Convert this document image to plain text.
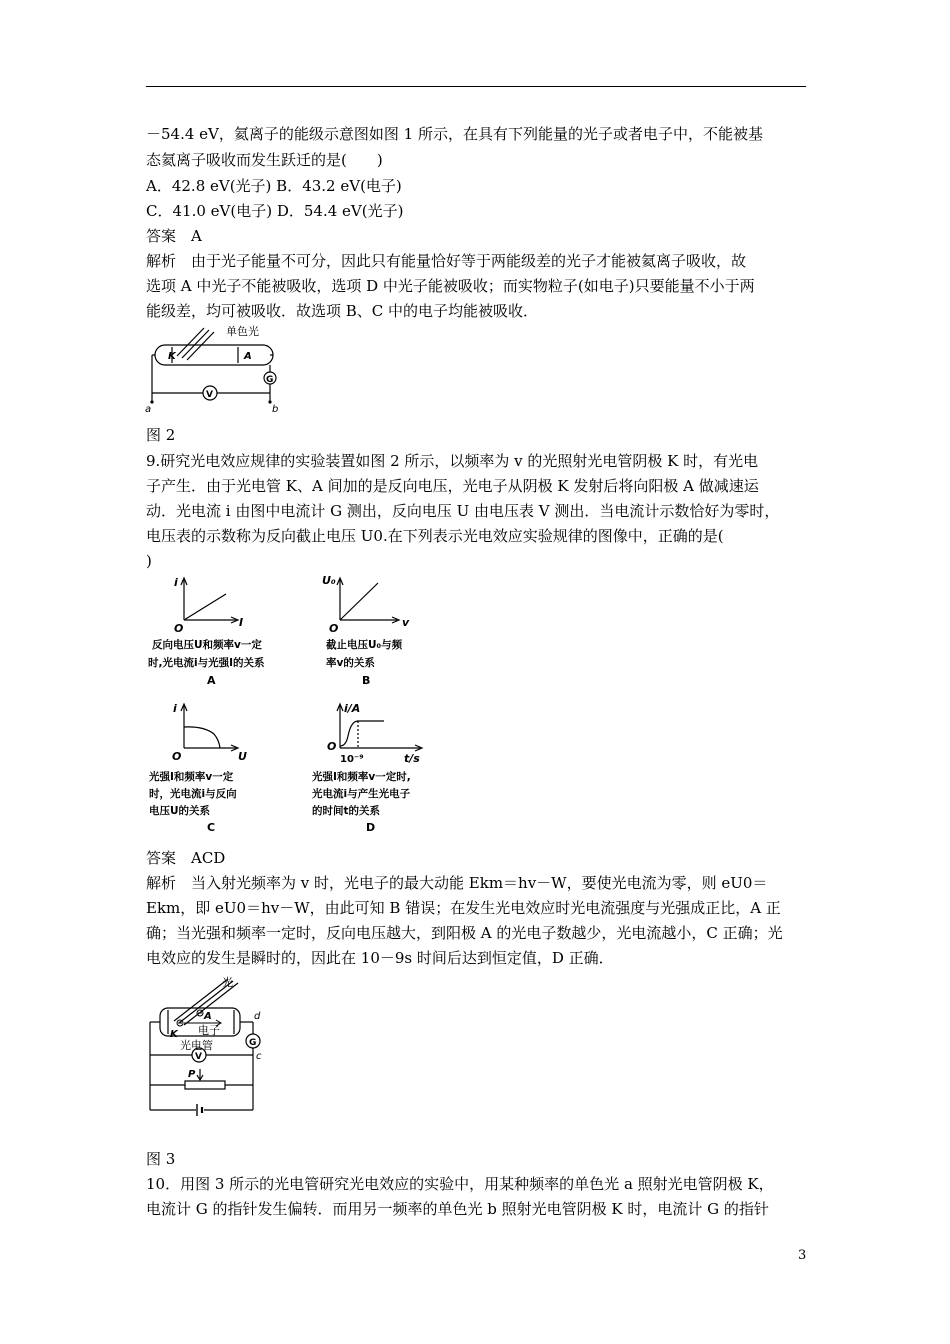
－54.4 eV，氦离子的能级示意图如图 1 所示，在具有下列能量的光子或者电子中，不能被基
态氦离子吸收而发生跃迁的是(　　)
A．42.8 eV(光子) B．43.2 eV(电子)
C．41.0 eV(电子) D．54.4 eV(光子)
答案　A
解析　由于光子能量不可分，因此只有能量恰好等于两能级差的光子才能被氦离子吸收，故
选项 A 中光子不能被吸收，选项 D 中光子能被吸收；而实物粒子(如电子)只要能量不小于两
能级差，均可被吸收．故选项 B、C 中的电子均能被吸收．
单色光
K	A
G
V
a	b
图 2
9.研究光电效应规律的实验装置如图 2 所示，以频率为 v 的光照射光电管阴极 K 时，有光电
子产生．由于光电管 K、A 间加的是反向电压，光电子从阴极 K 发射后将向阳极 A 做减速运
动．光电流 i 由图中电流计 G 测出，反向电压 U 由电压表 V 测出．当电流计示数恰好为零时，
电压表的示数称为反向截止电压 U0.在下列表示光电效应实验规律的图像中，正确的是(
)
i
I
O
反向电压U和频率v一定
时,光电流i与光强I的关系
A
U₀
v
O
截止电压U₀与频
率v的关系
B
i
U
O
光强I和频率v一定
时，光电流i与反向
电压U的关系
C
i/A
t/s
O
10⁻⁹
光强I和频率v一定时,
光电流i与产生光电子
的时间t的关系
D
答案　ACD
解析　当入射光频率为 v 时，光电子的最大动能 Ekm＝hv－W，要使光电流为零，则 eU0＝
Ekm，即 eU0＝hv－W，由此可知 B 错误；在发生光电效应时光电流强度与光强成正比，A 正
确；当光强和频率一定时，反向电压越大，到阳极 A 的光电子数越少，光电流越小，C 正确；光
电效应的发生是瞬时的，因此在 10－9s 时间后达到恒定值，D 正确．
光
A
K 电子
光电管	G
V
d
c
P
图 3
10．用图 3 所示的光电管研究光电效应的实验中，用某种频率的单色光 a 照射光电管阴极 K，
电流计 G 的指针发生偏转．而用另一频率的单色光 b 照射光电管阴极 K 时，电流计 G 的指针
3
